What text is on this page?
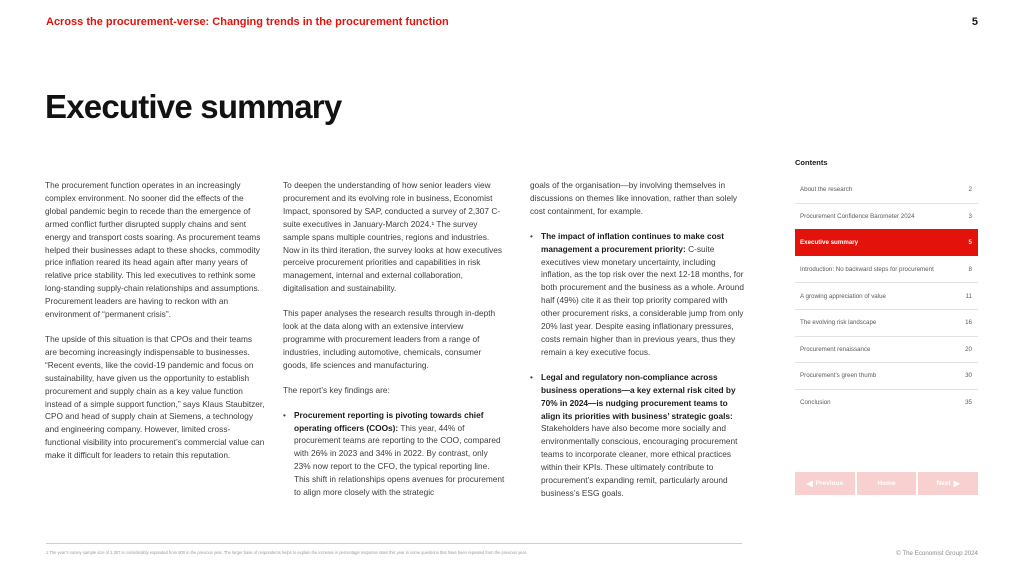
Across the procurement-verse: Changing trends in the procurement function	5
Executive summary

The procurement function operates in an increasingly complex environment. No sooner did the effects of the global pandemic begin to recede than the emergence of armed conflict further disrupted supply chains and sent energy and transport costs soaring. As procurement teams helped their businesses adapt to these shocks, commodity price inflation reared its head again after many years of relative price stability. This led executives to rethink some long-standing supply-chain relationships and assumptions. Procurement leaders are having to reckon with an environment of “permanent crisis”.

The upside of this situation is that CPOs and their teams are becoming increasingly indispensable to businesses. “Recent events, like the covid-19 pandemic and focus on sustainability, have given us the opportunity to establish procurement and supply chain as a key value function instead of a simple support function,” says Klaus Staubitzer, CPO and head of supply chain at Siemens, a technology and engineering company. However, limited cross-functional visibility into procurement’s commercial value can make it difficult for leaders to retain this reputation.

To deepen the understanding of how senior leaders view procurement and its evolving role in business, Economist Impact, sponsored by SAP, conducted a survey of 2,307 C-suite executives in January-March 2024.¹ The survey sample spans multiple countries, regions and industries. Now in its third iteration, the survey looks at how executives perceive procurement priorities and capabilities in risk management, internal and external collaboration, digitalisation and sustainability.

This paper analyses the research results through in-depth look at the data along with an extensive interview programme with procurement leaders from a range of industries, including automotive, chemicals, consumer goods, life sciences and manufacturing.

The report’s key findings are:

• Procurement reporting is pivoting towards chief operating officers (COOs): This year, 44% of procurement teams are reporting to the COO, compared with 26% in 2023 and 34% in 2022. By contrast, only 23% now report to the CFO, the typical reporting line. This shift in relationships opens avenues for procurement to align more closely with the strategic

goals of the organisation—by involving themselves in discussions on themes like innovation, rather than solely cost containment, for example.

• The impact of inflation continues to make cost management a procurement priority: C-suite executives view monetary uncertainty, including inflation, as the top risk over the next 12-18 months, for both procurement and the business as a whole. Around half (49%) cite it as their top priority compared with other procurement risks, a considerable jump from only 20% last year. Despite easing inflationary pressures, costs remain higher than in previous years, thus they remain a key executive focus.
• Legal and regulatory non-compliance across business operations—a key external risk cited by 70% in 2024—is nudging procurement teams to align its priorities with business’ strategic goals: Stakeholders have also become more socially and environmentally conscious, encouraging procurement teams to incorporate cleaner, more ethical practices within their KPIs. These ultimately contribute to procurement’s expanding remit, particularly around business’s ESG goals.
Contents
About the research	2
Procurement Confidence Barometer 2024	3
Executive summary	5
Introduction: No backward steps for procurement	8
A growing appreciation of value	11
The evolving risk landscape	16
Procurement renaissance	20
Procurement’s green thumb	30
Conclusion	35
◀ Previous	Home	Next ▶
1 The year’s survey sample size of 2,307 is considerably expanded from 900 in the previous year. The larger base of respondents helps to explain the increase in percentage response rates this year in some questions that have been repeated from the previous year.	© The Economist Group 2024
